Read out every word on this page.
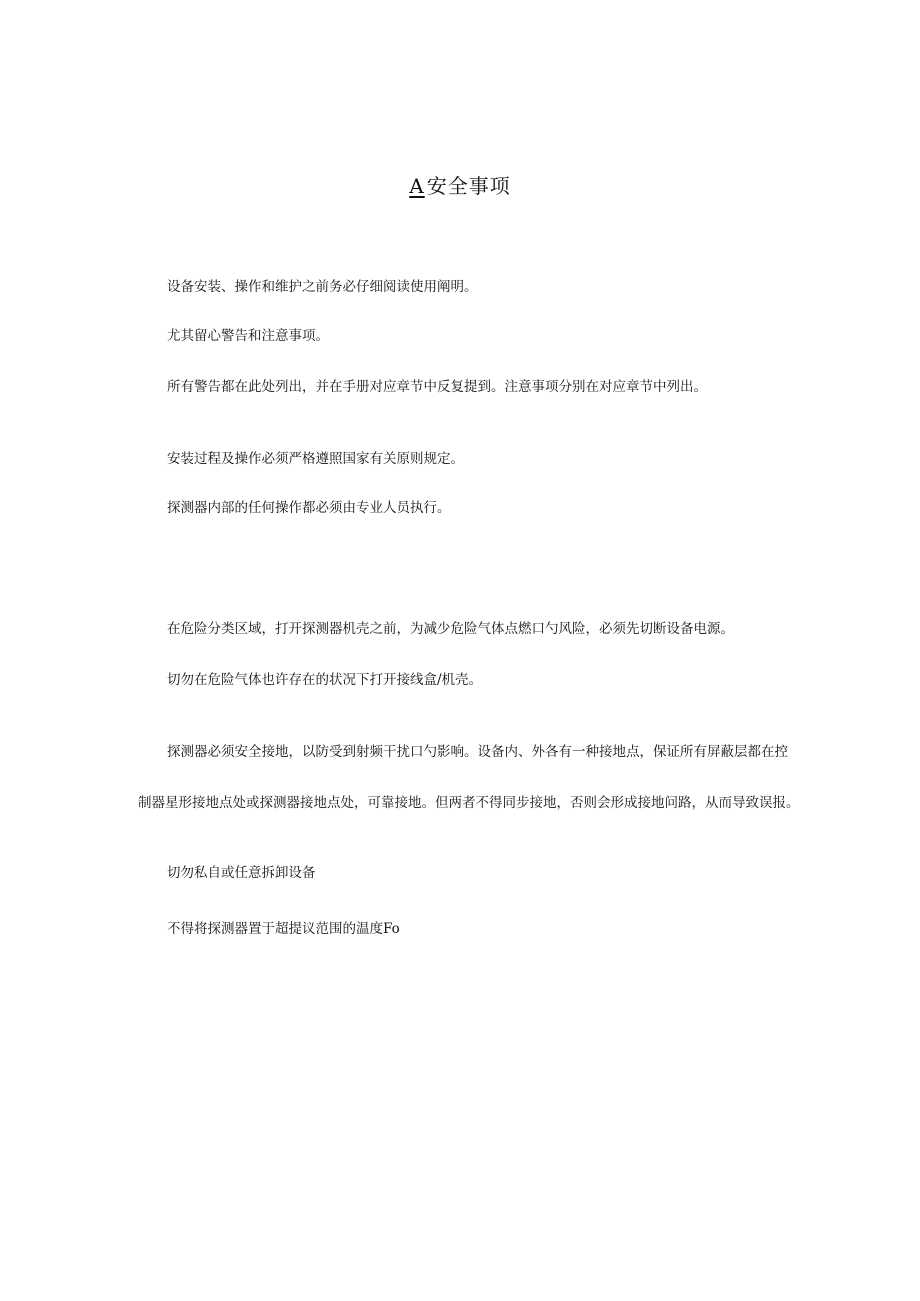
A 安全事项
设备安装、操作和维护之前务必仔细阅读使用阐明。
尤其留心警告和注意事项。
所有警告都在此处列出，并在手册对应章节中反复提到。注意事项分别在对应章节中列出。
安装过程及操作必须严格遵照国家有关原则规定。
探测器内部的任何操作都必须由专业人员执行。
在危险分类区域，打开探测器机壳之前，为减少危险气体点燃口勺风险，必须先切断设备电源。
切勿在危险气体也许存在的状况下打开接线盒/机壳。
探测器必须安全接地，以防受到射频干扰口勺影响。设备内、外各有一种接地点，保证所有屏蔽层都在控
制器星形接地点处或探测器接地点处，可靠接地。但两者不得同步接地，否则会形成接地问路，从而导致误报。
切勿私自或任意拆卸设备
不得将探测器置于超提议范围的温度Fo
